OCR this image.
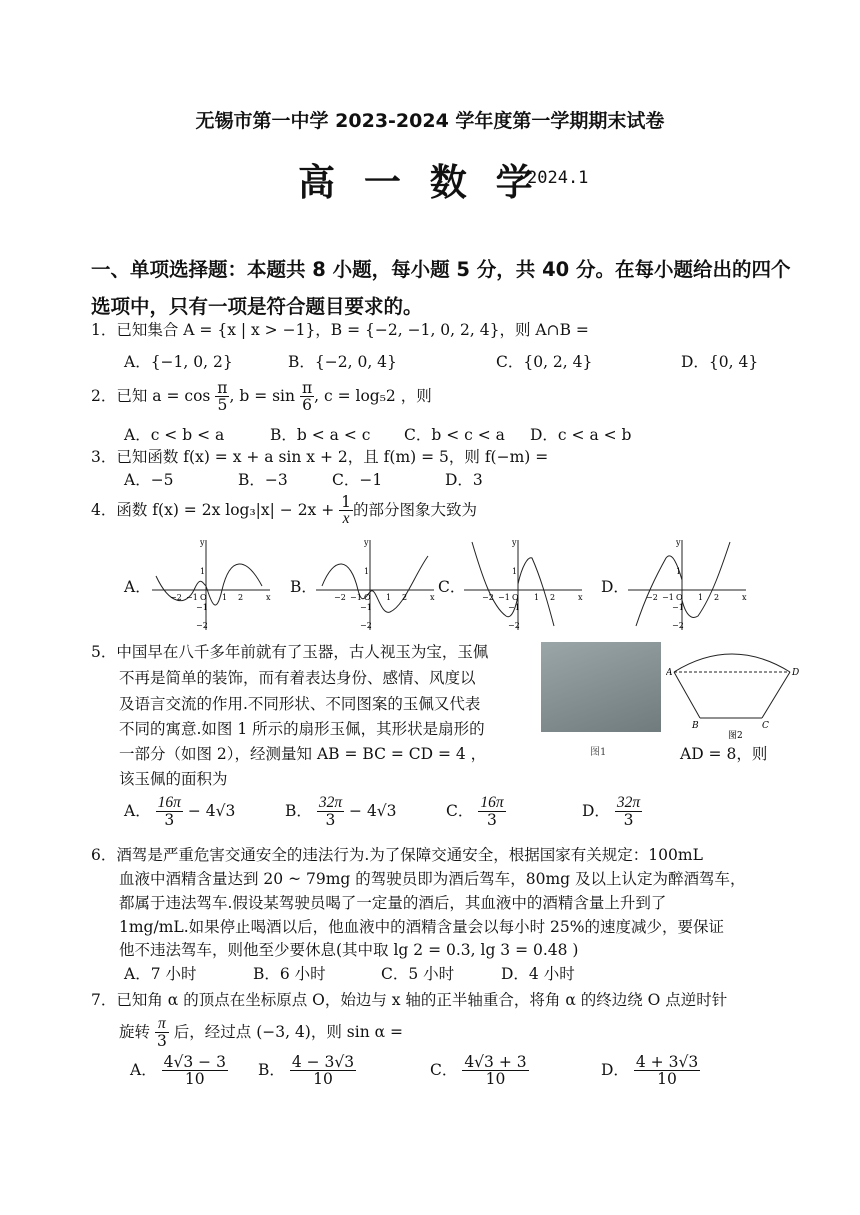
无锡市第一中学 2023-2024 学年度第一学期期末试卷
高 一 数 学
2024.1
一、单项选择题：本题共 8 小题，每小题 5 分，共 40 分。在每小题给出的四个
选项中，只有一项是符合题目要求的。
1．已知集合 A = {x | x > −1}，B = {−2, −1, 0, 2, 4}，则 A∩B =
A．{−1, 0, 2}	B．{−2, 0, 4}	C．{0, 2, 4}	D．{0, 4}
2．已知 $a = \cos \frac{\pi}{5}$ , $b = \sin \frac{\pi}{6}$ , c = log₅2 ，则
A．c < b < a	B．b < a < c C．b < c < a D．c < a < b
3．已知函数 f(x) = x + a sin x + 2，且 f(m) = 5，则 f(−m) =
A．−5	B．−3	C．−1	D．3
4．函数 f(x) = 2x $\log_3|x| - 2x + \frac{1}{x}$ 的部分图象大致为
A．	B．	C．	D．
y
x
O
−2 −1	1 2
1
−1
−2
y
x
O
−2 −1	1 2
1
−1
−2
y
x
O
−2 −1	1 2
1
−1
−2
y
x
O
−2 −1	1 2
1
−1
−2
5．中国早在八千多年前就有了玉器，古人视玉为宝，玉佩
不再是简单的装饰，而有着表达身份、感情、风度以
及语言交流的作用.不同形状、不同图案的玉佩又代表
不同的寓意.如图 1 所示的扇形玉佩，其形状是扇形的
一部分（如图 2），经测量知 AB = BC = CD = 4 ，	AD = 8，则
该玉佩的面积为
图1
A
B	C
D
图2
A． $\frac{16\pi}{3} - 4√3$	B． $\frac{32\pi}{3} - 4√3$	C． $\frac{16\pi}{3}$	D． $\frac{32\pi}{3}$
6．酒驾是严重危害交通安全的违法行为.为了保障交通安全，根据国家有关规定：100mL
血液中酒精含量达到 20 ~ 79mg 的驾驶员即为酒后驾车，80mg 及以上认定为醉酒驾车，
都属于违法驾车.假设某驾驶员喝了一定量的酒后，其血液中的酒精含量上升到了
1mg/mL.如果停止喝酒以后，他血液中的酒精含量会以每小时 25%的速度减少，要保证
他不违法驾车，则他至少要休息(其中取 lg 2 = 0.3, lg 3 = 0.48 )
A．7 小时	B．6 小时	C．5 小时	D．4 小时
7．已知角 α 的顶点在坐标原点 O，始边与 x 轴的正半轴重合，将角 α 的终边绕 O 点逆时针
旋转 $\frac{\pi}{3}$ 后，经过点 (−3, 4)，则 sin α =
A． $\frac{4√3 - 3}{10}$ B． $\frac{4 - 3√3}{10}$	C． $\frac{4√3 + 3}{10}$	D． $\frac{4 + 3√3}{10}$
